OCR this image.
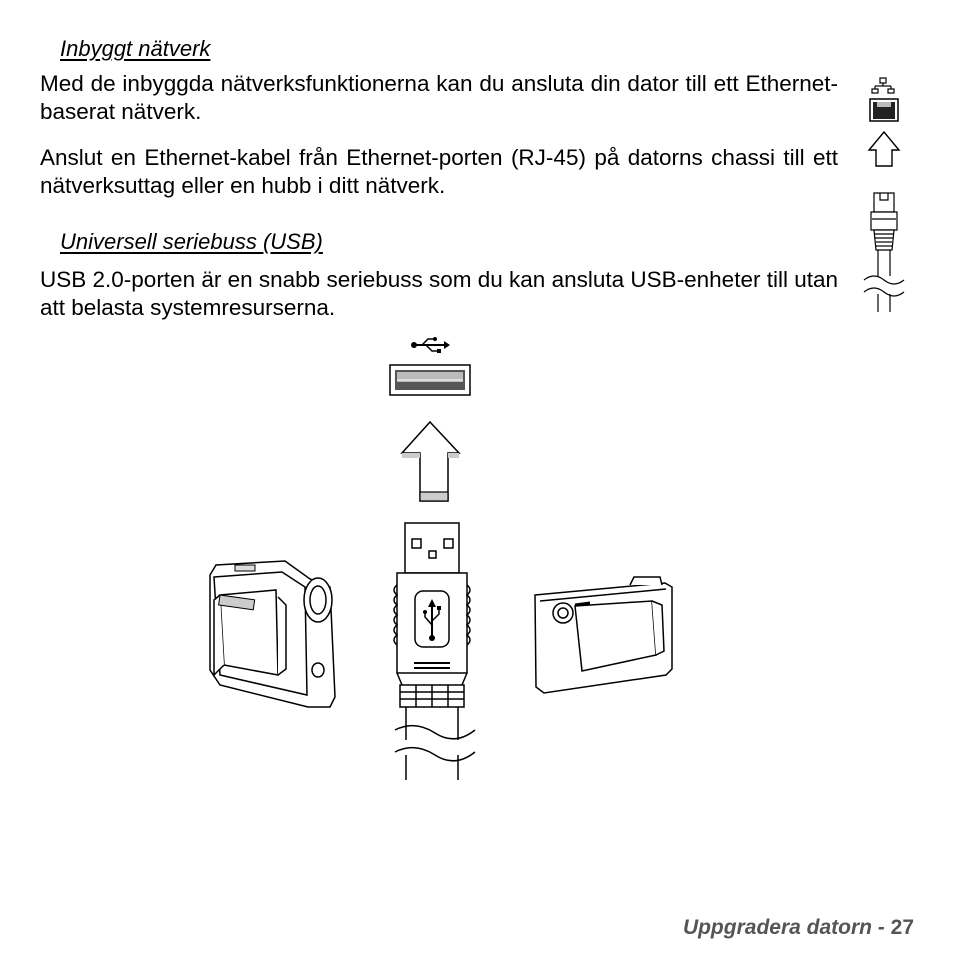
Inbyggt nätverk

Med de inbyggda nätverksfunktionerna kan du ansluta din dator till ett Ethernet-baserat nätverk.

Anslut en Ethernet-kabel från Ethernet-porten (RJ-45) på datorns chassi till ett nätverksuttag eller en hubb i ditt nätverk.

Universell seriebuss (USB)

USB 2.0-porten är en snabb seriebuss som du kan ansluta USB-enheter till utan att belasta systemresurserna.

Uppgradera datorn - 27
